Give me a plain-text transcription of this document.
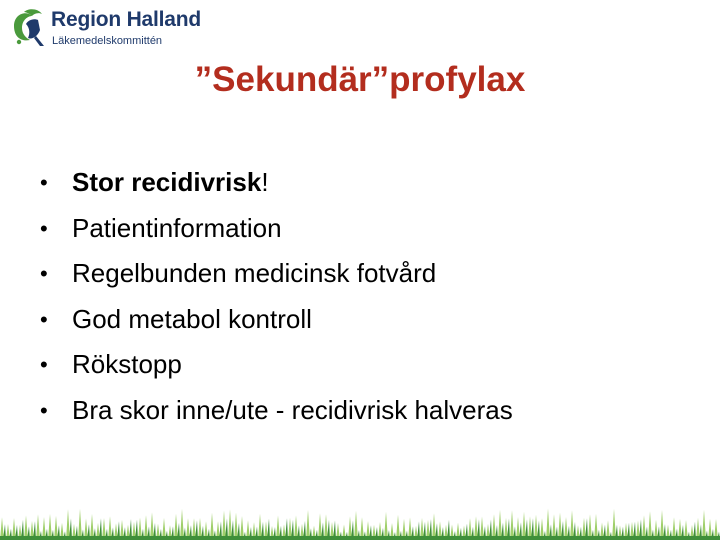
Region Halland
Läkemedelskommittén
”Sekundär”profylax
• Stor recidivrisk!
• Patientinformation
• Regelbunden medicinsk fotvård
• God metabol kontroll
• Rökstopp
• Bra skor inne/ute - recidivrisk halveras
